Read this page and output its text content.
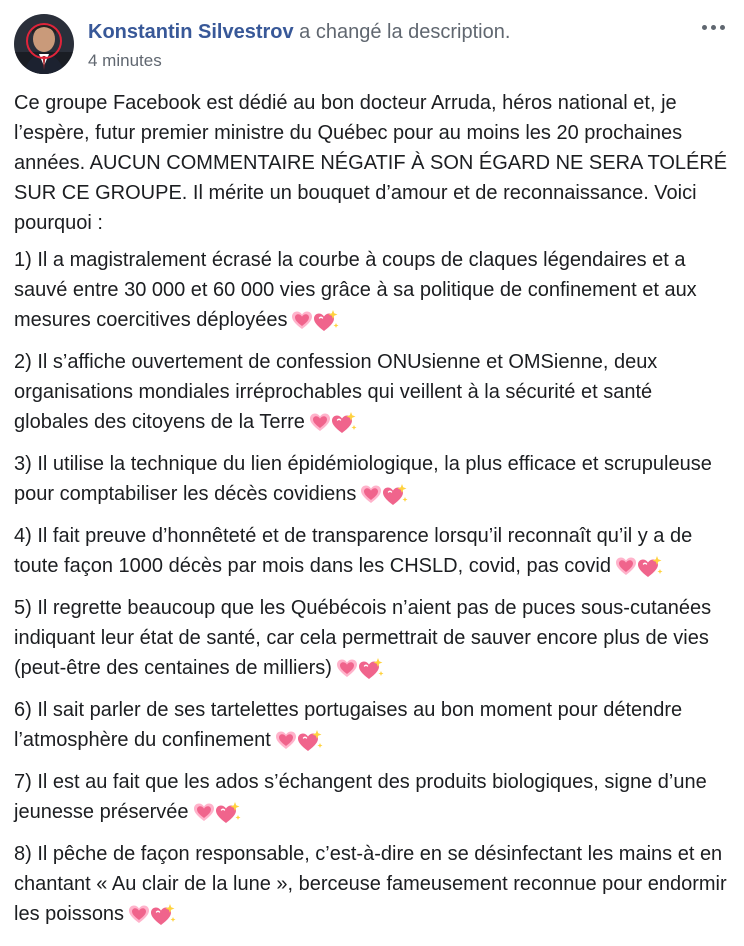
Konstantin Silvestrov a changé la description.
4 minutes

Ce groupe Facebook est dédié au bon docteur Arruda, héros national et, je l’espère, futur premier ministre du Québec pour au moins les 20 prochaines années. AUCUN COMMENTAIRE NÉGATIF À SON ÉGARD NE SERA TOLÉRÉ SUR CE GROUPE. Il mérite un bouquet d’amour et de reconnaissance. Voici pourquoi :

1) Il a magistralement écrasé la courbe à coups de claques légendaires et a sauvé entre 30 000 et 60 000 vies grâce à sa politique de confinement et aux mesures coercitives déployées

2) Il s’affiche ouvertement de confession ONUsienne et OMSienne, deux organisations mondiales irréprochables qui veillent à la sécurité et santé globales des citoyens de la Terre

3) Il utilise la technique du lien épidémiologique, la plus efficace et scrupuleuse pour comptabiliser les décès covidiens

4) Il fait preuve d’honnêteté et de transparence lorsqu’il reconnaît qu’il y a de toute façon 1000 décès par mois dans les CHSLD, covid, pas covid

5) Il regrette beaucoup que les Québécois n’aient pas de puces sous-cutanées indiquant leur état de santé, car cela permettrait de sauver encore plus de vies (peut-être des centaines de milliers)

6) Il sait parler de ses tartelettes portugaises au bon moment pour détendre l’atmosphère du confinement

7) Il est au fait que les ados s’échangent des produits biologiques, signe d’une jeunesse préservée

8) Il pêche de façon responsable, c’est-à-dire en se désinfectant les mains et en chantant « Au clair de la lune », berceuse fameusement reconnue pour endormir les poissons
